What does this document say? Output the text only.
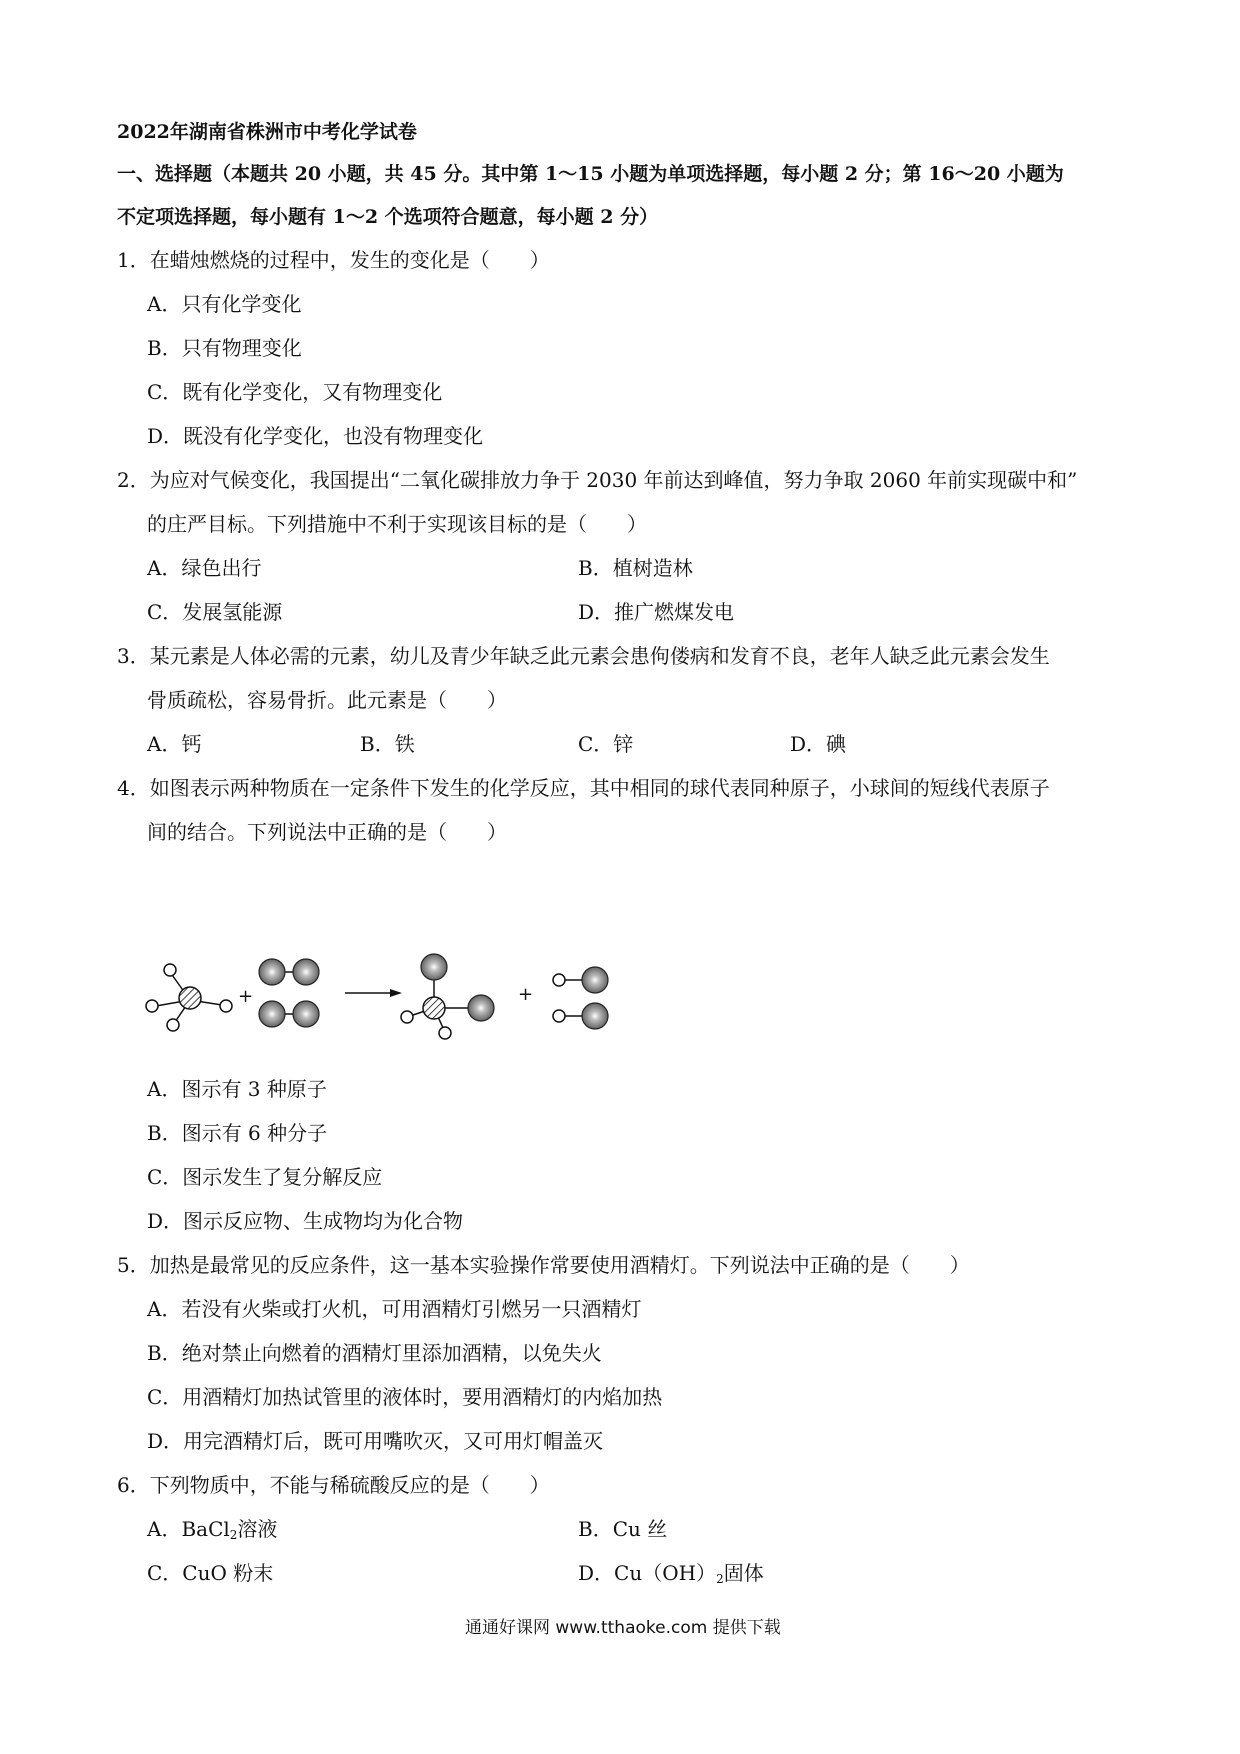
2022年湖南省株洲市中考化学试卷
一、选择题（本题共 20 小题，共 45 分。其中第 1～15 小题为单项选择题，每小题 2 分；第 16～20 小题为
不定项选择题，每小题有 1～2 个选项符合题意，每小题 2 分）
1．在蜡烛燃烧的过程中，发生的变化是（　　）
A．只有化学变化
B．只有物理变化
C．既有化学变化，又有物理变化
D．既没有化学变化，也没有物理变化
2．为应对气候变化，我国提出“二氧化碳排放力争于 2030 年前达到峰值，努力争取 2060 年前实现碳中和”
的庄严目标。下列措施中不利于实现该目标的是（　　）
A．绿色出行	B．植树造林
C．发展氢能源	D．推广燃煤发电
3．某元素是人体必需的元素，幼儿及青少年缺乏此元素会患佝偻病和发育不良，老年人缺乏此元素会发生
骨质疏松，容易骨折。此元素是（　　）
A．钙	B．铁	C．锌	D．碘
4．如图表示两种物质在一定条件下发生的化学反应，其中相同的球代表同种原子，小球间的短线代表原子
间的结合。下列说法中正确的是（　　）
+	+
A．图示有 3 种原子
B．图示有 6 种分子
C．图示发生了复分解反应
D．图示反应物、生成物均为化合物
5．加热是最常见的反应条件，这一基本实验操作常要使用酒精灯。下列说法中正确的是（　　）
A．若没有火柴或打火机，可用酒精灯引燃另一只酒精灯
B．绝对禁止向燃着的酒精灯里添加酒精，以免失火
C．用酒精灯加热试管里的液体时，要用酒精灯的内焰加热
D．用完酒精灯后，既可用嘴吹灭，又可用灯帽盖灭
6．下列物质中，不能与稀硫酸反应的是（　　）
A．BaCl$_2$溶液	B．Cu 丝
C．CuO 粉末	D．$Cu(OH)_2$固体
通通好课网 www.tthaoke.com 提供下载
